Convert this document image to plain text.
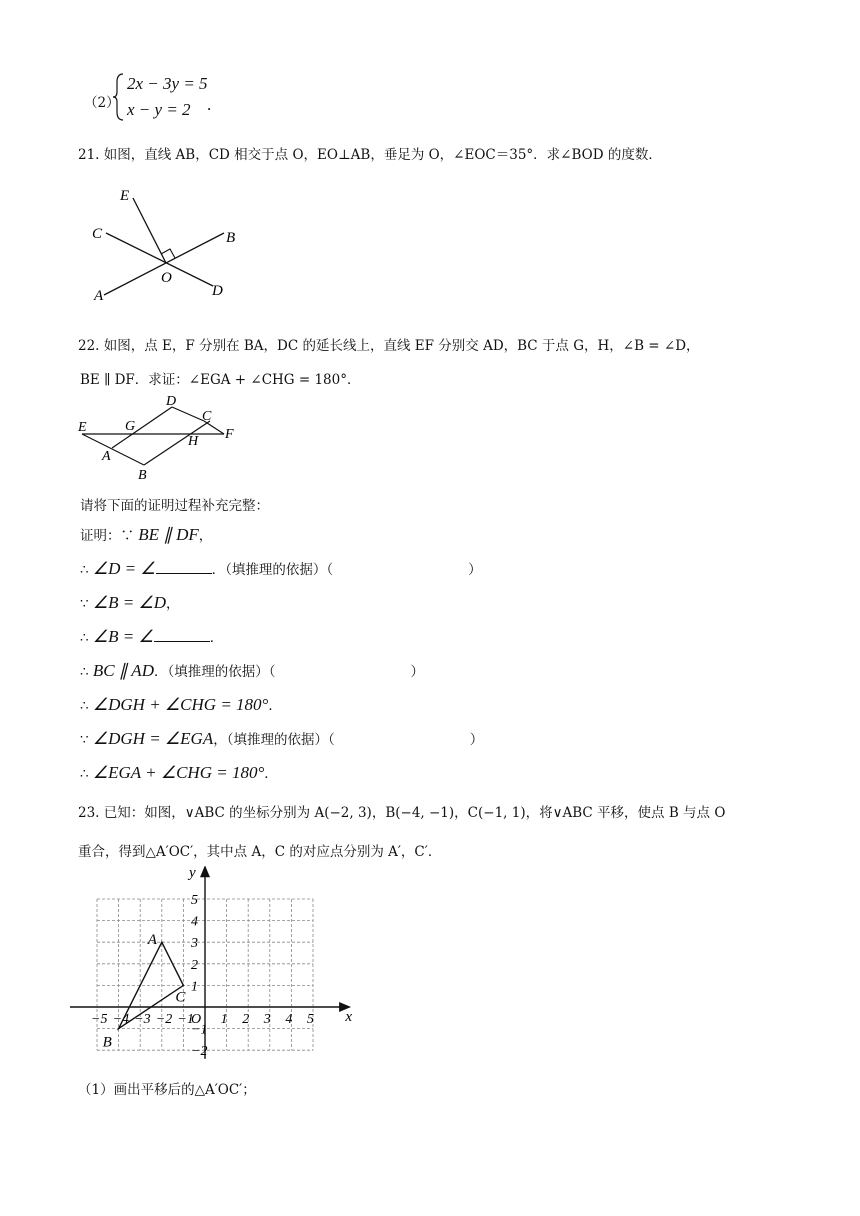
（2）
2x − 3y = 5
x − y = 2 .
21. 如图，直线 AB，CD 相交于点 O，EO⊥AB，垂足为 O，∠EOC＝35°．求∠BOD 的度数．
E
C	B
O
A	D
22. 如图，点 E，F 分别在 BA，DC 的延长线上，直线 EF 分别交 AD，BC 于点 G，H，∠B = ∠D，
BE ∥ DF．求证：∠EGA + ∠CHG = 180°．
D
C
E	G
H F
A
B
请将下面的证明过程补充完整：
证明：∵ BE ∥ DF，
∴ ∠D = ∠	．（填推理的依据）（	）
∵ ∠B = ∠D，
∴ ∠B = ∠	．
∴ BC ∥ AD．（填推理的依据）（	）
∴ ∠DGH + ∠CHG = 180°．
∵ ∠DGH = ∠EGA，（填推理的依据）（	）
∴ ∠EGA + ∠CHG = 180°．
23. 已知：如图，∨ABC 的坐标分别为 A(−2, 3)，B(−4, −1)，C(−1, 1)，将∨ABC 平移，使点 B 与点 O
重合，得到△A′OC′，其中点 A，C 的对应点分别为 A′，C′．
x
y
−5 −4 −3 −2 −1
O 1 2 3 4 5
5
4
3
2
1
−1
−2
A
B
C
（1）画出平移后的△A′OC′；
